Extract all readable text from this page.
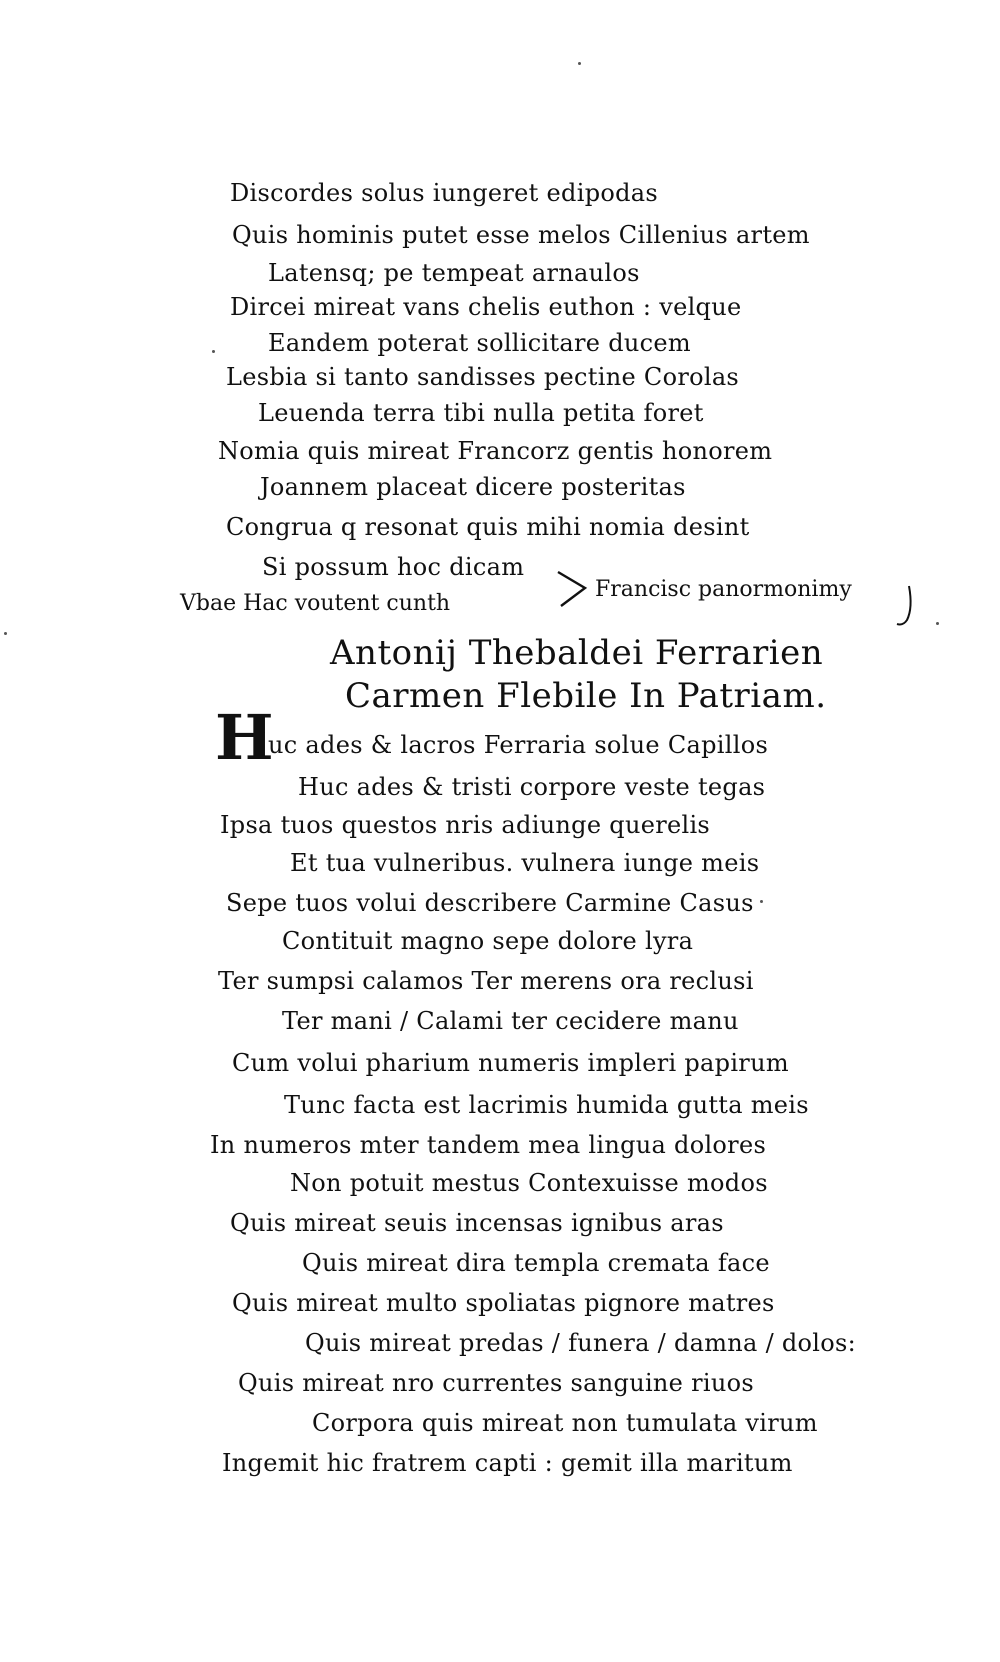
Discordes solus iungeret edipodas
Quis hominis putet esse melos Cillenius artem
Latensq; pe tempeat arnaulos
Dircei mireat vans chelis euthon : velque
Eandem poterat sollicitare ducem
Lesbia si tanto sandisses pectine Corolas
Leuenda terra tibi nulla petita foret
Nomia quis mireat Francorz gentis honorem
Joannem placeat dicere posteritas
Congrua q resonat quis mihi nomia desint
Si possum hoc dicam
Francisc panormonimy
Vbae Hac voutent cunth
Antonij Thebaldei Ferrarien
Carmen Flebile In Patriam.
H
uc ades & lacros Ferraria solue Capillos
Huc ades & tristi corpore veste tegas
Ipsa tuos questos nris adiunge querelis
Et tua vulneribus. vulnera iunge meis
Sepe tuos volui describere Carmine Casus
Contituit magno sepe dolore lyra
Ter sumpsi calamos Ter merens ora reclusi
Ter mani / Calami ter cecidere manu
Cum volui pharium numeris impleri papirum
Tunc facta est lacrimis humida gutta meis
In numeros mter tandem mea lingua dolores
Non potuit mestus Contexuisse modos
Quis mireat seuis incensas ignibus aras
Quis mireat dira templa cremata face
Quis mireat multo spoliatas pignore matres
Quis mireat predas / funera / damna / dolos:
Quis mireat nro currentes sanguine riuos
Corpora quis mireat non tumulata virum
Ingemit hic fratrem capti : gemit illa maritum
